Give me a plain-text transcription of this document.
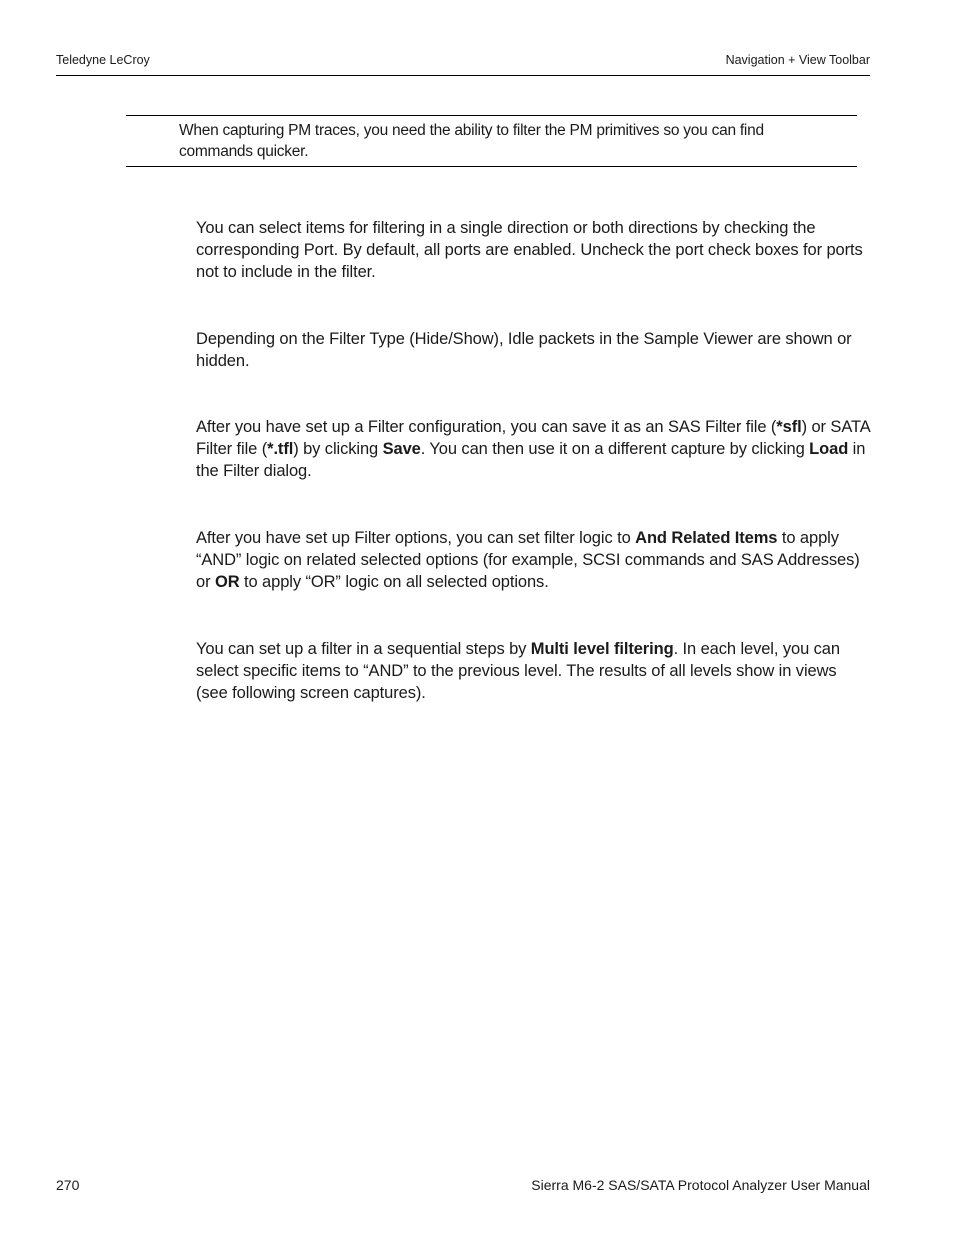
Teledyne LeCroy	Navigation + View Toolbar
When capturing PM traces, you need the ability to filter the PM primitives so you can find
commands quicker.

You can select items for filtering in a single direction or both directions by checking the corresponding Port. By default, all ports are enabled. Uncheck the port check boxes for ports not to include in the filter.

Depending on the Filter Type (Hide/Show), Idle packets in the Sample Viewer are shown or hidden.

After you have set up a Filter configuration, you can save it as an SAS Filter file (*sfl) or SATA Filter file (*.tfl) by clicking Save. You can then use it on a different capture by clicking Load in the Filter dialog.

After you have set up Filter options, you can set filter logic to And Related Items to apply “AND” logic on related selected options (for example, SCSI commands and SAS Addresses) or OR to apply “OR” logic on all selected options.

You can set up a filter in a sequential steps by Multi level filtering. In each level, you can select specific items to “AND” to the previous level. The results of all levels show in views (see following screen captures).

270	Sierra M6-2 SAS/SATA Protocol Analyzer User Manual
